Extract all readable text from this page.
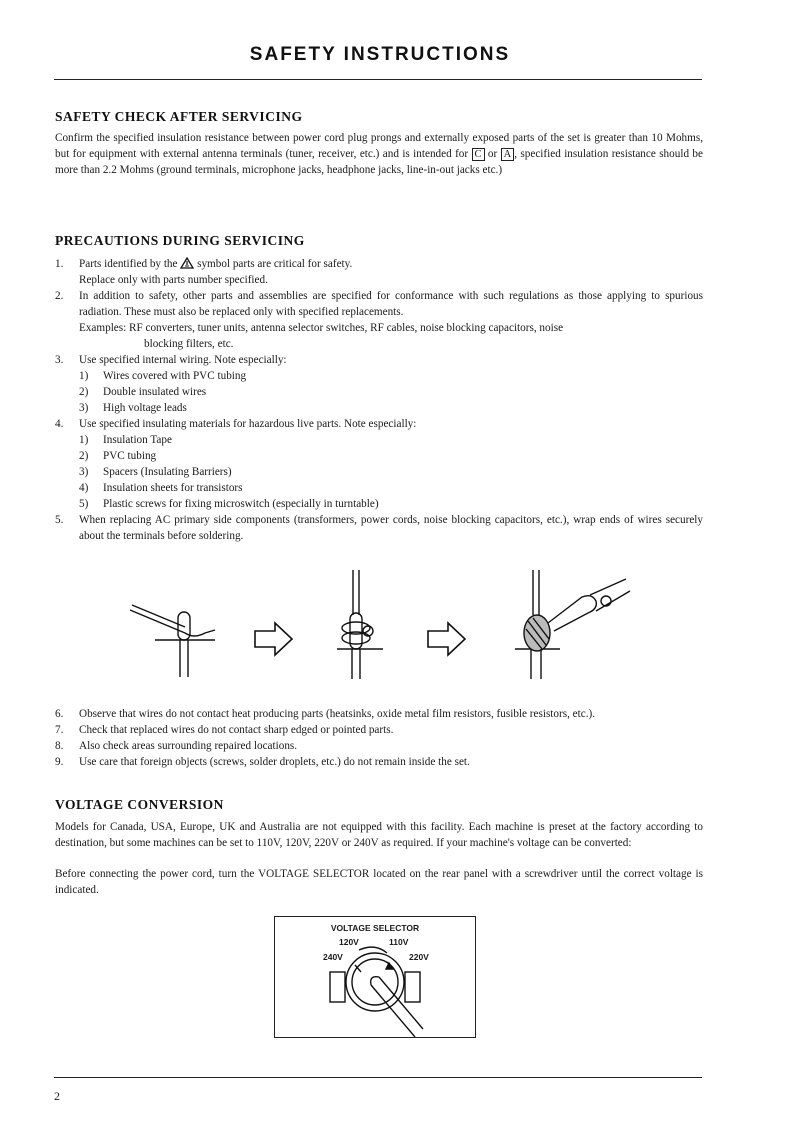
SAFETY INSTRUCTIONS
SAFETY CHECK AFTER SERVICING
Confirm the specified insulation resistance between power cord plug prongs and externally exposed parts of the set is greater than 10 Mohms, but for equipment with external antenna terminals (tuner, receiver, etc.) and is intended for C or A , specified insulation resistance should be more than 2.2 Mohms (ground terminals, microphone jacks, headphone jacks, line-in-out jacks etc.)
PRECAUTIONS DURING SERVICING
1. Parts identified by the symbol parts are critical for safety.
Replace only with parts number specified.
2. In addition to safety, other parts and assemblies are specified for conformance with such regulations as those applying to spurious radiation. These must also be replaced only with specified replacements.
Examples: RF converters, tuner units, antenna selector switches, RF cables, noise blocking capacitors, noise
blocking filters, etc.
3. Use specified internal wiring. Note especially:
1) Wires covered with PVC tubing
2) Double insulated wires
3) High voltage leads
4. Use specified insulating materials for hazardous live parts. Note especially:
1) Insulation Tape
2) PVC tubing
3) Spacers (Insulating Barriers)
4) Insulation sheets for transistors
5) Plastic screws for fixing microswitch (especially in turntable)
5. When replacing AC primary side components (transformers, power cords, noise blocking capacitors, etc.), wrap ends of wires securely about the terminals before soldering.
6. Observe that wires do not contact heat producing parts (heatsinks, oxide metal film resistors, fusible resistors, etc.).
7. Check that replaced wires do not contact sharp edged or pointed parts.
8. Also check areas surrounding repaired locations.
9. Use care that foreign objects (screws, solder droplets, etc.) do not remain inside the set.
VOLTAGE CONVERSION
Models for Canada, USA, Europe, UK and Australia are not equipped with this facility. Each machine is preset at the factory according to destination, but some machines can be set to 110V, 120V, 220V or 240V as required. If your machine's voltage can be converted:
Before connecting the power cord, turn the VOLTAGE SELECTOR located on the rear panel with a screwdriver until the correct voltage is indicated.
VOLTAGE SELECTOR
120V	110V
240V	220V
2
